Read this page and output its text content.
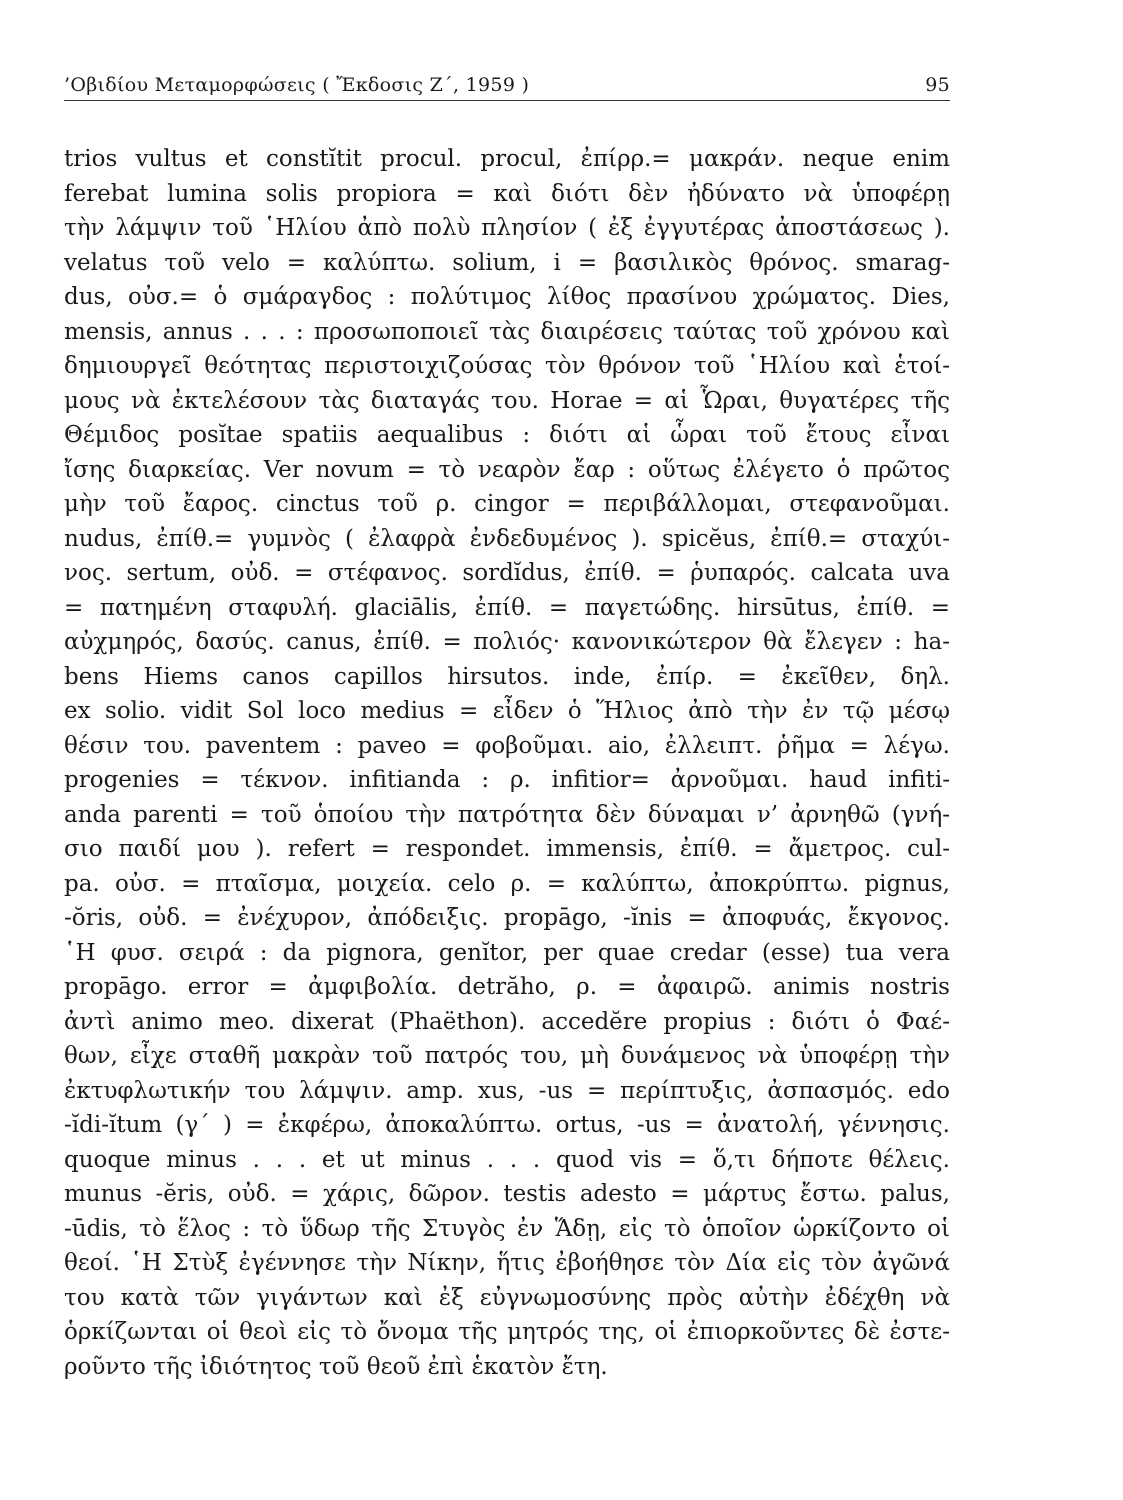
’Οβιδίου Μεταμορφώσεις ( Ἔκδοσις Ζ΄, 1959 )	95
trios vultus et constĭtit procul. procul, ἐπίρρ.= μακράν. neque enim
ferebat lumina solis propiora = καὶ διότι δὲν ἠδύνατο νὰ ὑποφέρῃ
τὴν λάμψιν τοῦ ῾Ηλίου ἀπὸ πολὺ πλησίον ( ἐξ ἐγγυτέρας ἀποστάσεως ).
velatus τοῦ velo = καλύπτω. solium, i = βασιλικὸς θρόνος. smarag-
dus, οὐσ.= ὁ σμάραγδος : πολύτιμος λίθος πρασίνου χρώματος. Dies,
mensis, annus . . . : προσωποποιεῖ τὰς διαιρέσεις ταύτας τοῦ χρόνου καὶ
δημιουργεῖ θεότητας περιστοιχιζούσας τὸν θρόνον τοῦ ῾Ηλίου καὶ ἑτοί-
μους νὰ ἐκτελέσουν τὰς διαταγάς του. Horae = αἱ Ὧραι, θυγατέρες τῆς
Θέμιδος posĭtae spatiis aequalibus : διότι αἱ ὧραι τοῦ ἔτους εἶναι
ἴσης διαρκείας. Ver novum = τὸ νεαρὸν ἔαρ : οὕτως ἐλέγετο ὁ πρῶτος
μὴν τοῦ ἔαρος. cinctus τοῦ ρ. cingor = περιβάλλομαι, στεφανοῦμαι.
nudus, ἐπίθ.= γυμνὸς ( ἐλαφρὰ ἐνδεδυμένος ). spicĕus, ἐπίθ.= σταχύι-
νος. sertum, οὐδ. = στέφανος. sordĭdus, ἐπίθ. = ῥυπαρός. calcata uva
= πατημένη σταφυλή. glaciālis, ἐπίθ. = παγετώδης. hirsūtus, ἐπίθ. =
αὐχμηρός, δασύς. canus, ἐπίθ. = πολιός· κανονικώτερον θὰ ἔλεγεν : ha-
bens Hiems canos capillos hirsutos. inde, ἐπίρ. = ἐκεῖθεν, δηλ.
ex solio. vidit Sol loco medius = εἶδεν ὁ Ἥλιος ἀπὸ τὴν ἐν τῷ μέσῳ
θέσιν του. paventem : paveo = φοβοῦμαι. aio, ἐλλειπτ. ῥῆμα = λέγω.
progenies = τέκνον. infitianda : ρ. infitior= ἀρνοῦμαι. haud infiti-
anda parenti = τοῦ ὁποίου τὴν πατρότητα δὲν δύναμαι ν’ ἀρνηθῶ (γνή-
σιο παιδί μου ). refert = respondet. immensis, ἐπίθ. = ἄμετρος. cul-
pa. οὐσ. = πταῖσμα, μοιχεία. celo ρ. = καλύπτω, ἀποκρύπτω. pignus,
-ŏris, οὐδ. = ἐνέχυρον, ἀπόδειξις. propāgo, -ĭnis = ἀποφυάς, ἔκγονος.
῾Η φυσ. σειρά : da pignora, genĭtor, per quae credar (esse) tua vera
propāgo. error = ἀμφιβολία. detrăho, ρ. = ἀφαιρῶ. animis nostris
ἀντὶ animo meo. dixerat (Phaëthon). accedĕre propius : διότι ὁ Φαέ-
θων, εἶχε σταθῆ μακρὰν τοῦ πατρός του, μὴ δυνάμενος νὰ ὑποφέρῃ τὴν
ἐκτυφλωτικήν του λάμψιν. amp. xus, -us = περίπτυξις, ἀσπασμός. edo
-ĭdi-ĭtum (γ΄ ) = ἐκφέρω, ἀποκαλύπτω. ortus, -us = ἀνατολή, γέννησις.
quoque minus . . . et ut minus . . . quod vis = ὅ,τι δήποτε θέλεις.
munus -ĕris, οὐδ. = χάρις, δῶρον. testis adesto = μάρτυς ἔστω. palus,
-ūdis, τὸ ἕλος : τὸ ὕδωρ τῆς Στυγὸς ἐν Ἅδῃ, εἰς τὸ ὁποῖον ὡρκίζοντο οἱ
θεοί. ῾Η Στὺξ ἐγέννησε τὴν Νίκην, ἥτις ἐβοήθησε τὸν Δία εἰς τὸν ἀγῶνά
του κατὰ τῶν γιγάντων καὶ ἐξ εὐγνωμοσύνης πρὸς αὐτὴν ἐδέχθη νὰ
ὁρκίζωνται οἱ θεοὶ εἰς τὸ ὄνομα τῆς μητρός της, οἱ ἐπιορκοῦντες δὲ ἐστε-
ροῦντο τῆς ἰδιότητος τοῦ θεοῦ ἐπὶ ἑκατὸν ἔτη.
